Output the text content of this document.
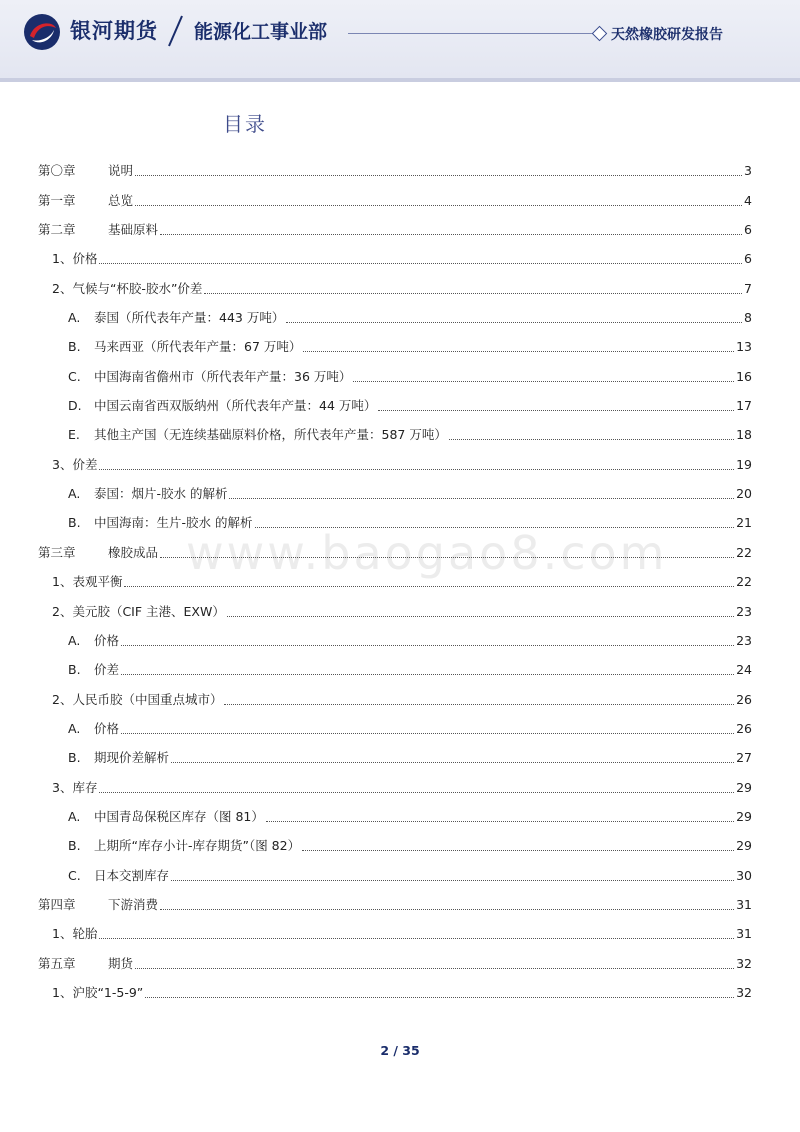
银河期货 能源化工事业部	天然橡胶研发报告
目录
www.baogao8.com
第〇章	说明	3
第一章	总览	4
第二章	基础原料	6
1、价格	6
2、气候与“杯胶-胶水”价差	7
A. 泰国（所代表年产量：443 万吨）	8
B. 马来西亚（所代表年产量：67 万吨）	13
C. 中国海南省儋州市（所代表年产量：36 万吨）	16
D. 中国云南省西双版纳州（所代表年产量：44 万吨）	17
E. 其他主产国（无连续基础原料价格，所代表年产量：587 万吨）	18
3、价差	19
A. 泰国：烟片-胶水 的解析	20
B. 中国海南：生片-胶水 的解析	21
第三章	橡胶成品	22
1、表观平衡	22
2、美元胶（CIF 主港、EXW）	23
A. 价格	23
B. 价差	24
2、人民币胶（中国重点城市）	26
A. 价格	26
B. 期现价差解析	27
3、库存	29
A. 中国青岛保税区库存（图 81）	29
B. 上期所“库存小计-库存期货”（图 82）	29
C. 日本交割库存	30
第四章	下游消费	31
1、轮胎	31
第五章	期货	32
1、沪胶“1-5-9”	32
2 / 35
